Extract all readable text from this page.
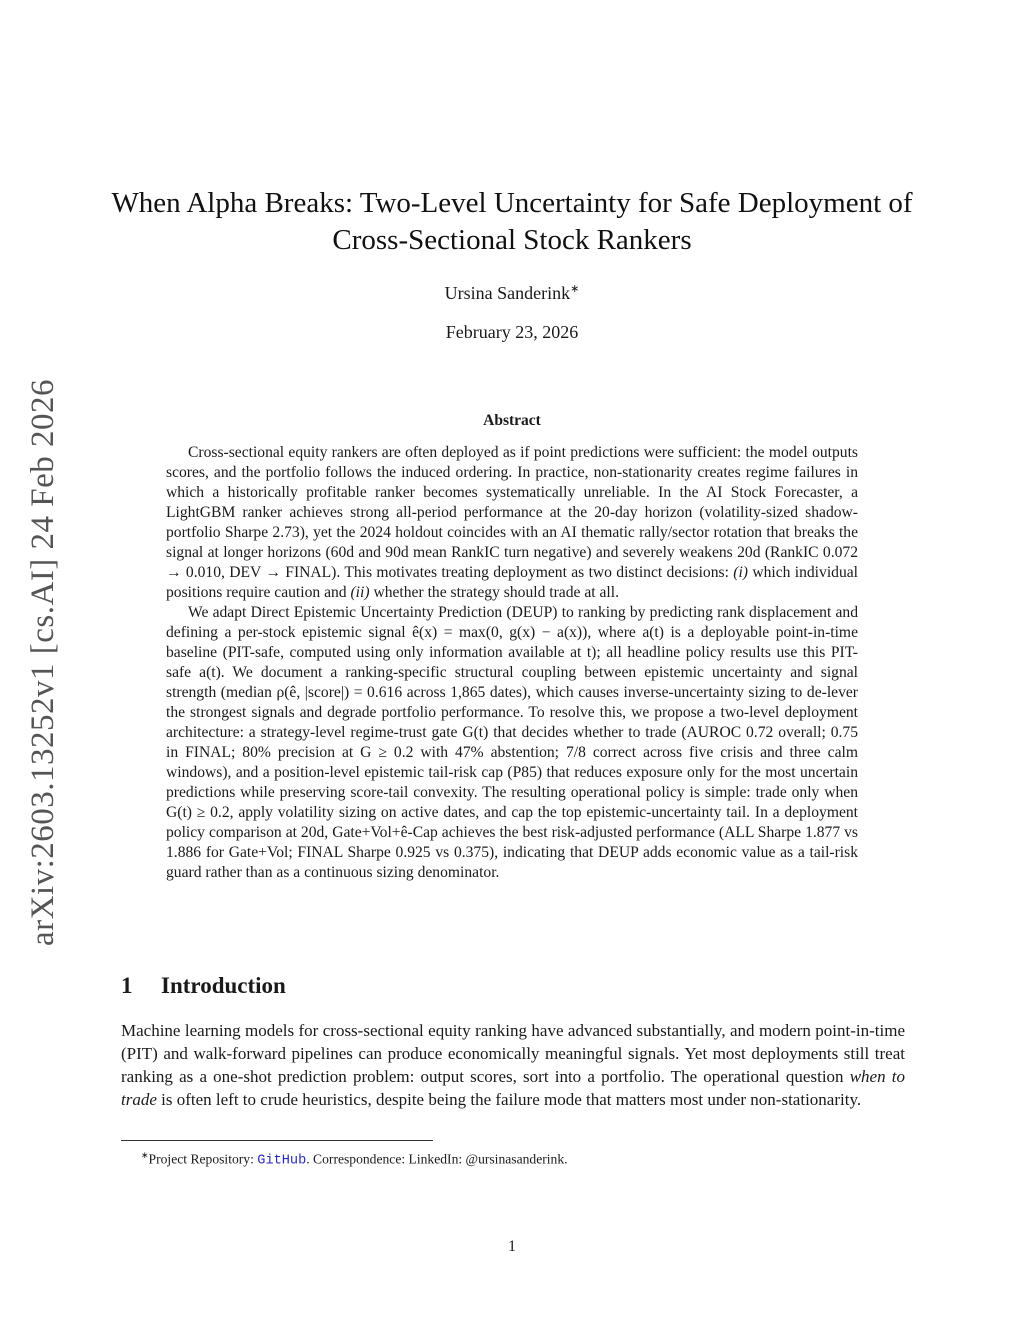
arXiv:2603.13252v1 [cs.AI] 24 Feb 2026
When Alpha Breaks: Two-Level Uncertainty for Safe Deployment of
Cross-Sectional Stock Rankers
Ursina Sanderink∗
February 23, 2026
Abstract

Cross-sectional equity rankers are often deployed as if point predictions were sufficient: the model outputs scores, and the portfolio follows the induced ordering. In practice, non-stationarity creates regime failures in which a historically profitable ranker becomes systematically unreliable. In the AI Stock Forecaster, a LightGBM ranker achieves strong all-period performance at the 20-day horizon (volatility-sized shadow-portfolio Sharpe 2.73), yet the 2024 holdout coincides with an AI thematic rally/sector rotation that breaks the signal at longer horizons (60d and 90d mean RankIC turn negative) and severely weakens 20d (RankIC 0.072 → 0.010, DEV → FINAL). This motivates treating deployment as two distinct decisions: (i) which individual positions require caution and (ii) whether the strategy should trade at all.

We adapt Direct Epistemic Uncertainty Prediction (DEUP) to ranking by predicting rank displacement and defining a per-stock epistemic signal ê(x) = max(0, g(x) − a(x)), where a(t) is a deployable point-in-time baseline (PIT-safe, computed using only information available at t); all headline policy results use this PIT-safe a(t). We document a ranking-specific structural coupling between epistemic uncertainty and signal strength (median ρ(ê, |score|) = 0.616 across 1,865 dates), which causes inverse-uncertainty sizing to de-lever the strongest signals and degrade portfolio performance. To resolve this, we propose a two-level deployment architecture: a strategy-level regime-trust gate G(t) that decides whether to trade (AUROC 0.72 overall; 0.75 in FINAL; 80% precision at G ≥ 0.2 with 47% abstention; 7/8 correct across five crisis and three calm windows), and a position-level epistemic tail-risk cap (P85) that reduces exposure only for the most uncertain predictions while preserving score-tail convexity. The resulting operational policy is simple: trade only when G(t) ≥ 0.2, apply volatility sizing on active dates, and cap the top epistemic-uncertainty tail. In a deployment policy comparison at 20d, Gate+Vol+ê-Cap achieves the best risk-adjusted performance (ALL Sharpe 1.877 vs 1.886 for Gate+Vol; FINAL Sharpe 0.925 vs 0.375), indicating that DEUP adds economic value as a tail-risk guard rather than as a continuous sizing denominator.

1 Introduction

Machine learning models for cross-sectional equity ranking have advanced substantially, and modern point-in-time (PIT) and walk-forward pipelines can produce economically meaningful signals. Yet most deployments still treat ranking as a one-shot prediction problem: output scores, sort into a portfolio. The operational question when to trade is often left to crude heuristics, despite being the failure mode that matters most under non-stationarity.

∗Project Repository: GitHub. Correspondence: LinkedIn: @ursinasanderink.
1
